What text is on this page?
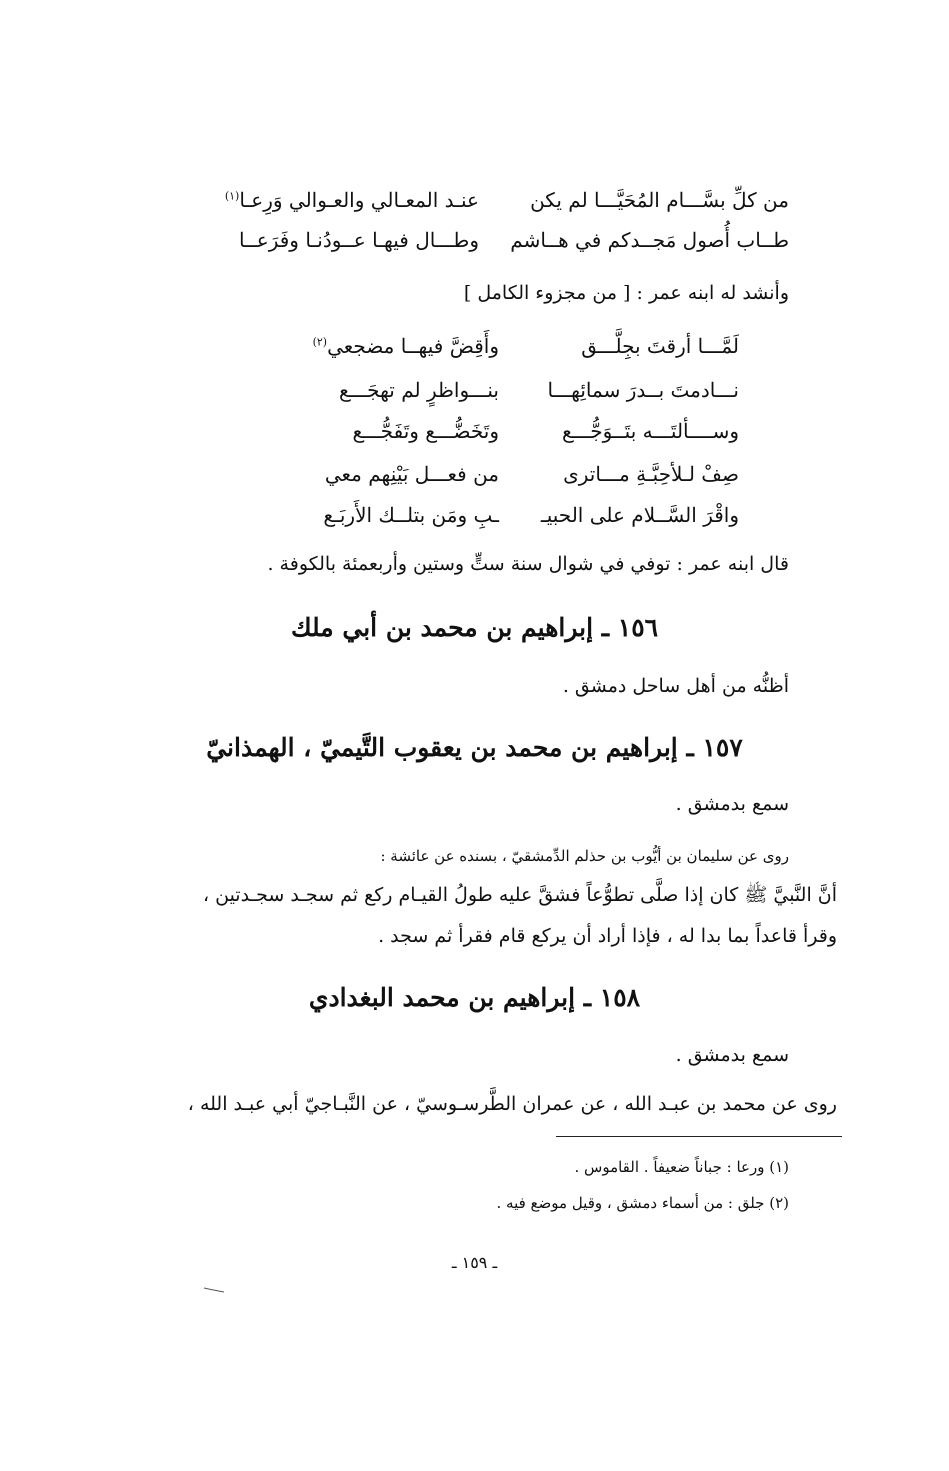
من كلِّ بسَّـــام المُحَيَّـــا لم يكن
عنـد المعـالي والعـوالي وَرِعـا$^{(١)}$
طــاب أُصول مَجــدكم في هــاشم
وطـــال فيهـا عــودُنـا وفَرَعــا
وأنشد له ابنه عمر : [ من مجزوء الكامل ]
لَمَّـــا أرقتَ بجِلَّـــق
وأَقِضَّ فيهــا مضجعي$^{(٢)}$
نـــادمتَ بــدرَ سمائِهـــا
بنـــواظرٍ لم تهجَـــع
وســــألتَـــه بتَــوَجُّـــع
وتَخَضُّـــع وتَفَجُّـــع
صِفْ لـلأحِبَّـةِ مـــاترى
من فعـــل بَيْنِهم معي
واقْرَ السَّــلام على الحبيـ
ـبِ ومَن بتلــك الأَربَـع
قال ابنه عمر : توفي في شوال سنة ستٍّ وستين وأربعمئة بالكوفة .
١٥٦ ـ إبراهيم بن محمد بن أبي ملك
أظنُّه من أهل ساحل دمشق .
١٥٧ ـ إبراهيم بن محمد بن يعقوب التَّيميّ ، الهمذانيّ
سمع بدمشق .
روى عن سليمان بن أيُّوب بن حذلم الدِّمشقيّ ، بسنده عن عائشة :
أنَّ النَّبيَّ ﷺ كان إذا صلَّى تطوُّعاً فشقَّ عليه طولُ القيـام ركع ثم سجـد سجـدتين ،
وقرأ قاعداً بما بدا له ، فإذا أراد أن يركع قام فقرأ ثم سجد .
١٥٨ ـ إبراهيم بن محمد البغدادي
سمع بدمشق .
روى عن محمد بن عبـد الله ، عن عمران الطَّرسـوسيّ ، عن النَّبـاجيّ أبي عبـد الله ،
(١) ورعا : جباناً ضعيفاً . القاموس .
(٢) جلق : من أسماء دمشق ، وقيل موضع فيه .
ـ ١٥٩ ـ
